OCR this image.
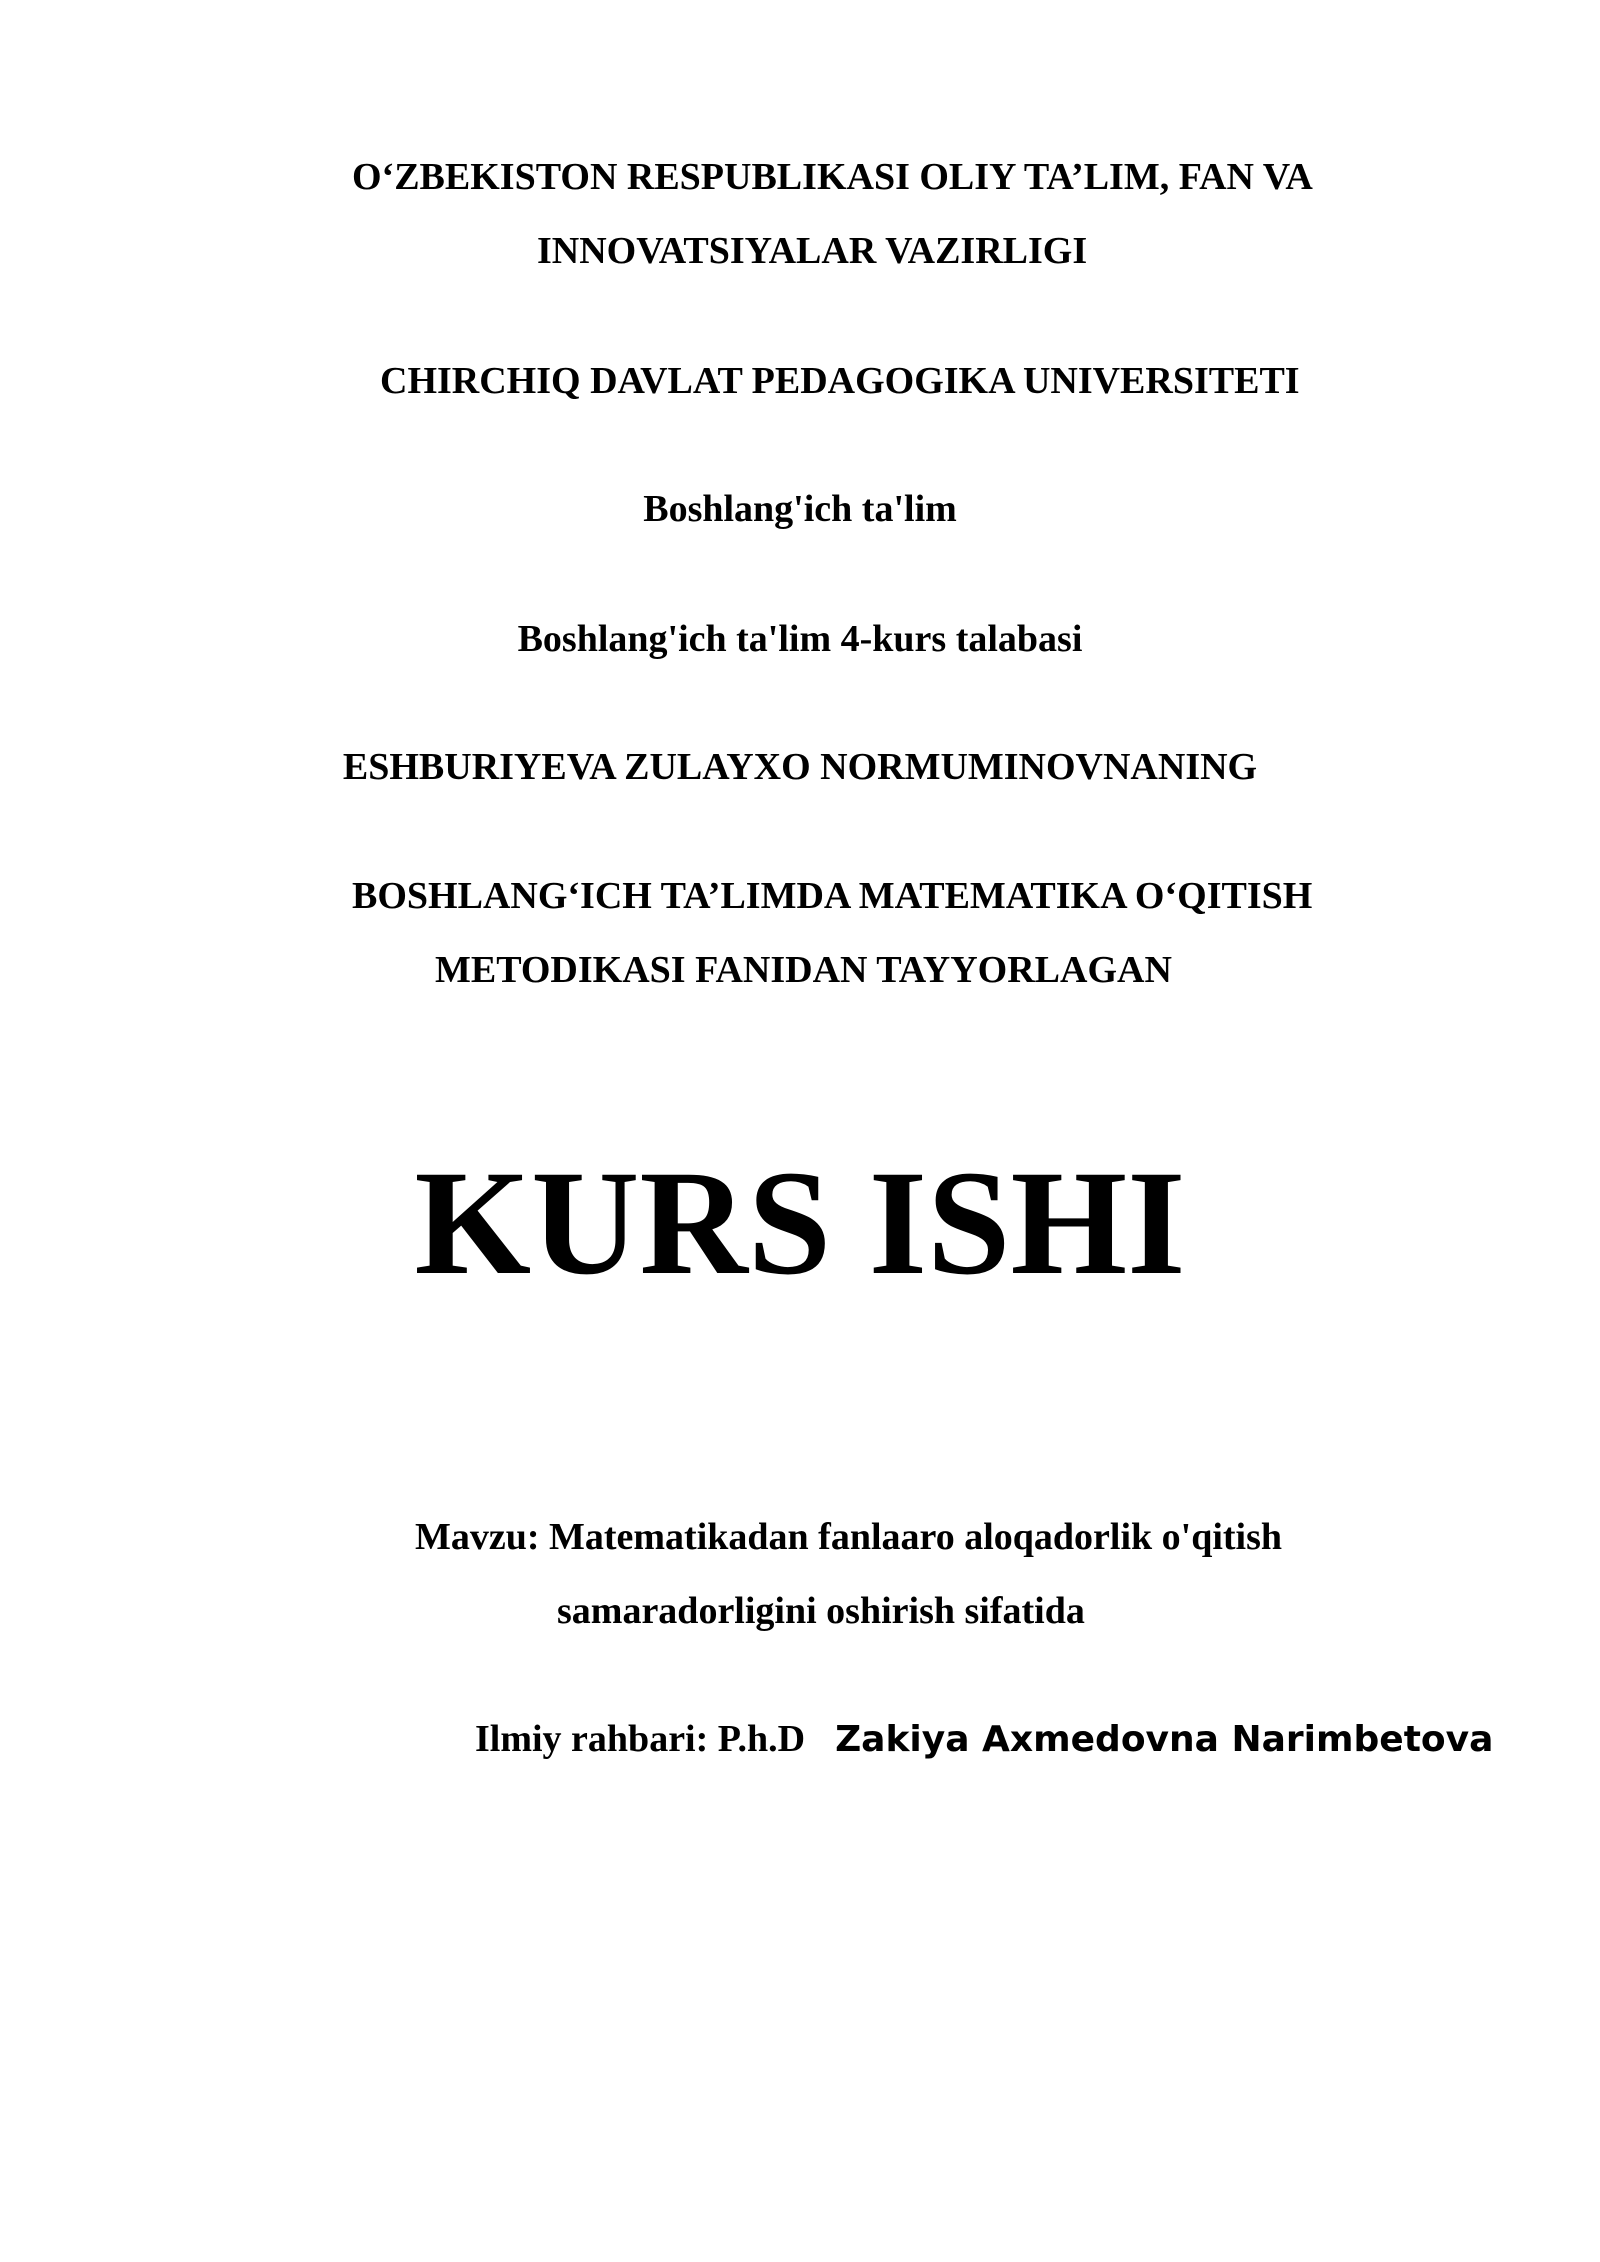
O‘ZBEKISTON RESPUBLIKASI OLIY TA’LIM, FAN VA

INNOVATSIYALAR VAZIRLIGI

CHIRCHIQ DAVLAT PEDAGOGIKA UNIVERSITETI

Boshlang'ich ta'lim

Boshlang'ich ta'lim 4-kurs talabasi

ESHBURIYEVA ZULAYXO NORMUMINOVNANING

BOSHLANG‘ICH TA’LIMDA MATEMATIKA O‘QITISH

METODIKASI FANIDAN TAYYORLAGAN

KURS ISHI

Mavzu: Matematikadan fanlaaro aloqadorlik o'qitish

samaradorligini oshirish sifatida

Ilmiy rahbari: P.h.D Zakiya Axmedovna Narimbetova
